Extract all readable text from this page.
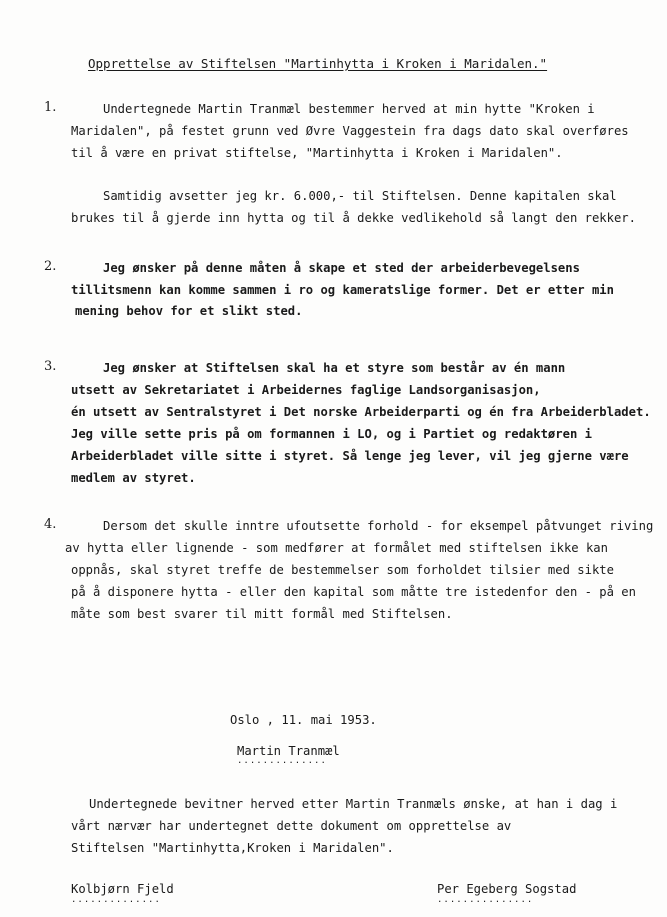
Opprettelse av Stiftelsen "Martinhytta i Kroken i Maridalen."
1.	Undertegnede Martin Tranmæl bestemmer herved at min hytte "Kroken i
Maridalen", på festet grunn ved Øvre Vaggestein fra dags dato skal overføres
til å være en privat stiftelse, "Martinhytta i Kroken i Maridalen".
Samtidig avsetter jeg kr. 6.000,- til Stiftelsen. Denne kapitalen skal
brukes til å gjerde inn hytta og til å dekke vedlikehold så langt den rekker.
2.	Jeg ønsker på denne måten å skape et sted der arbeiderbevegelsens
tillitsmenn kan komme sammen i ro og kameratslige former. Det er etter min
mening behov for et slikt sted.
3.	Jeg ønsker at Stiftelsen skal ha et styre som består av én mann
utsett av Sekretariatet i Arbeidernes faglige Landsorganisasjon,
én utsett av Sentralstyret i Det norske Arbeiderparti og én fra Arbeiderbladet.
Jeg ville sette pris på om formannen i LO, og i Partiet og redaktøren i
Arbeiderbladet ville sitte i styret. Så lenge jeg lever, vil jeg gjerne være
medlem av styret.
4.	Dersom det skulle inntre ufoutsette forhold - for eksempel påtvunget riving
av hytta eller lignende - som medfører at formålet med stiftelsen ikke kan
oppnås, skal styret treffe de bestemmelser som forholdet tilsier med sikte
på å disponere hytta - eller den kapital som måtte tre istedenfor den - på en
måte som best svarer til mitt formål med Stiftelsen.
Oslo , 11. mai 1953.
Martin Tranmæl
..............
Undertegnede bevitner herved etter Martin Tranmæls ønske, at han i dag i
vårt nærvær har undertegnet dette dokument om opprettelse av
Stiftelsen "Martinhytta,Kroken i Maridalen".
Kolbjørn Fjeld
..............
Per Egeberg Sogstad
...............
